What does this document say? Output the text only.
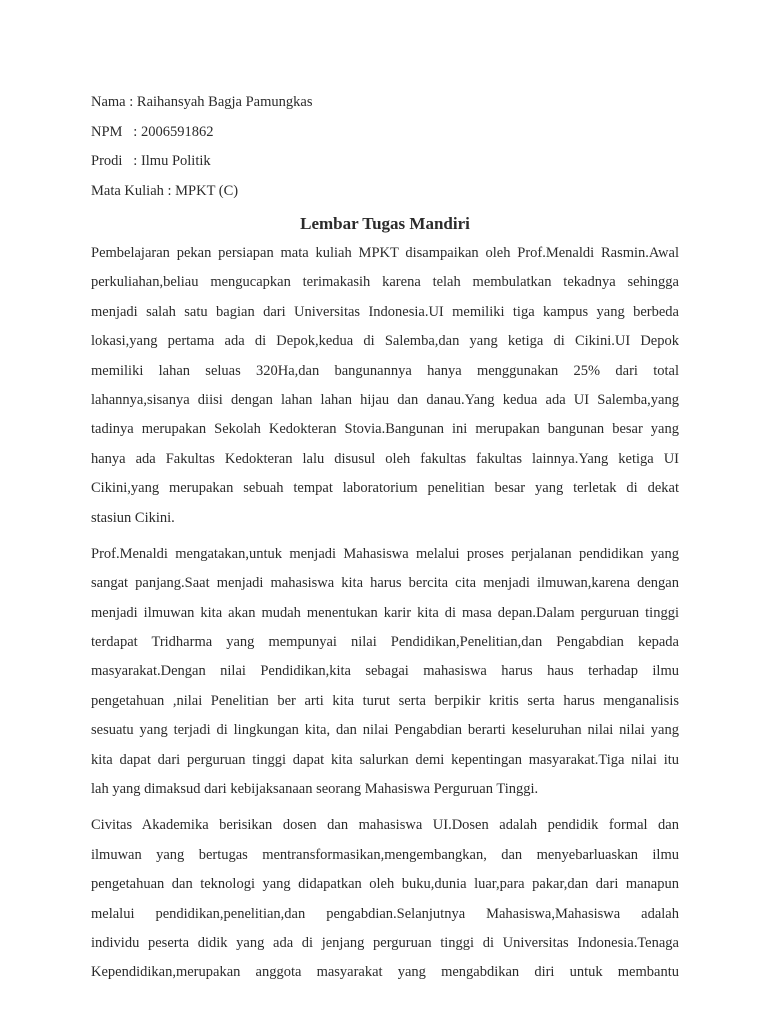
Nama : Raihansyah Bagja Pamungkas
NPM   : 2006591862
Prodi   : Ilmu Politik
Mata Kuliah : MPKT (C)
Lembar Tugas Mandiri
Pembelajaran pekan persiapan mata kuliah MPKT disampaikan oleh Prof.Menaldi Rasmin.Awal
perkuliahan,beliau mengucapkan terimakasih karena telah membulatkan tekadnya sehingga
menjadi salah satu bagian dari Universitas Indonesia.UI memiliki tiga kampus yang berbeda
lokasi,yang pertama ada di Depok,kedua di Salemba,dan yang ketiga di Cikini.UI Depok
memiliki lahan seluas 320Ha,dan bangunannya hanya menggunakan 25% dari total
lahannya,sisanya diisi dengan lahan lahan hijau dan danau.Yang kedua ada UI Salemba,yang
tadinya merupakan Sekolah Kedokteran Stovia.Bangunan ini merupakan bangunan besar yang
hanya ada Fakultas Kedokteran lalu disusul oleh fakultas fakultas lainnya.Yang ketiga UI
Cikini,yang merupakan sebuah tempat laboratorium penelitian besar yang terletak di dekat
stasiun Cikini.
Prof.Menaldi mengatakan,untuk menjadi Mahasiswa melalui proses perjalanan pendidikan yang
sangat panjang.Saat menjadi mahasiswa kita harus bercita cita menjadi ilmuwan,karena dengan
menjadi ilmuwan kita akan mudah menentukan karir kita di masa depan.Dalam perguruan tinggi
terdapat Tridharma yang mempunyai nilai Pendidikan,Penelitian,dan Pengabdian kepada
masyarakat.Dengan nilai Pendidikan,kita sebagai mahasiswa harus haus terhadap ilmu
pengetahuan ,nilai Penelitian ber arti kita turut serta berpikir kritis serta harus menganalisis
sesuatu yang terjadi di lingkungan kita, dan nilai Pengabdian berarti keseluruhan nilai nilai yang
kita dapat dari perguruan tinggi dapat kita salurkan demi kepentingan masyarakat.Tiga nilai itu
lah yang dimaksud dari kebijaksanaan seorang Mahasiswa Perguruan Tinggi.
Civitas Akademika berisikan dosen dan mahasiswa UI.Dosen adalah pendidik formal dan
ilmuwan yang bertugas mentransformasikan,mengembangkan, dan menyebarluaskan ilmu
pengetahuan dan teknologi yang didapatkan oleh buku,dunia luar,para pakar,dan dari manapun
melalui pendidikan,penelitian,dan pengabdian.Selanjutnya Mahasiswa,Mahasiswa adalah
individu peserta didik yang ada di jenjang perguruan tinggi di Universitas Indonesia.Tenaga
Kependidikan,merupakan anggota masyarakat yang mengabdikan diri untuk membantu
